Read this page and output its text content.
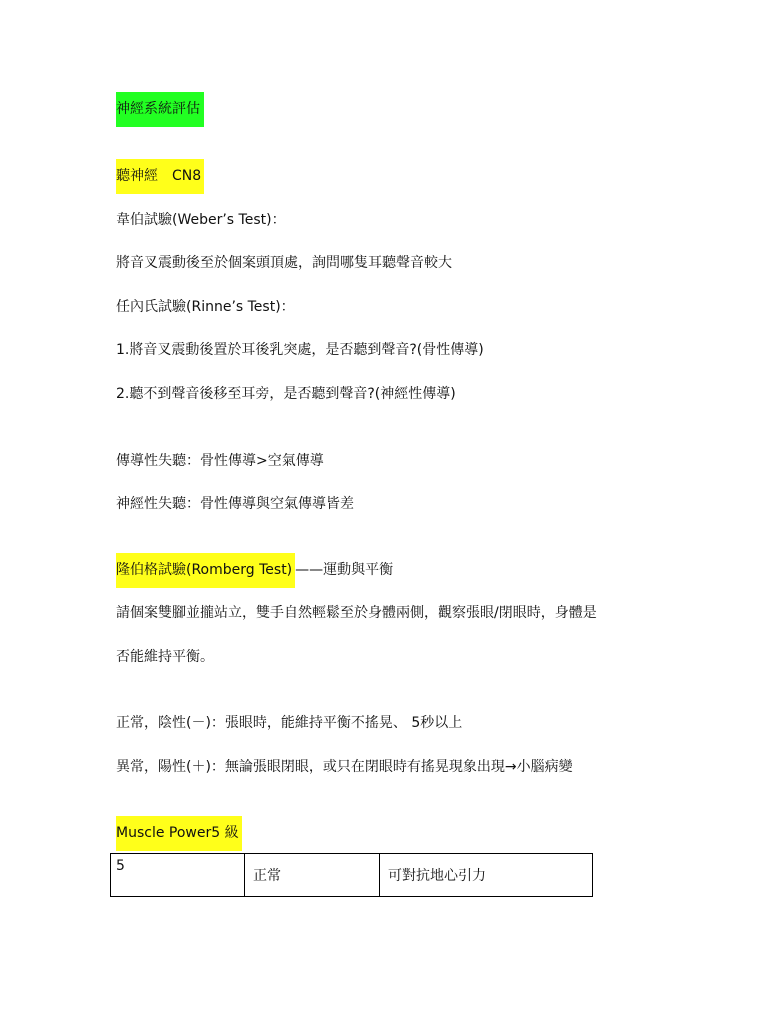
神經系統評估
聽神經　CN8
韋伯試驗(Weber’s Test)：
將音叉震動後至於個案頭頂處，詢問哪隻耳聽聲音較大
任內氏試驗(Rinne’s Test)：
1.將音叉震動後置於耳後乳突處，是否聽到聲音?(骨性傳導)
2.聽不到聲音後移至耳旁，是否聽到聲音?(神經性傳導)
傳導性失聽：骨性傳導>空氣傳導
神經性失聽：骨性傳導與空氣傳導皆差
隆伯格試驗(Romberg Test) ——運動與平衡
請個案雙腳並攏站立，雙手自然輕鬆至於身體兩側，觀察張眼/閉眼時，身體是
否能維持平衡。
正常，陰性(－)：張眼時，能維持平衡不搖晃、 5秒以上
異常，陽性(＋)：無論張眼閉眼，或只在閉眼時有搖晃現象出現→小腦病變
Muscle Power5 級
5	正常	可對抗地心引力
